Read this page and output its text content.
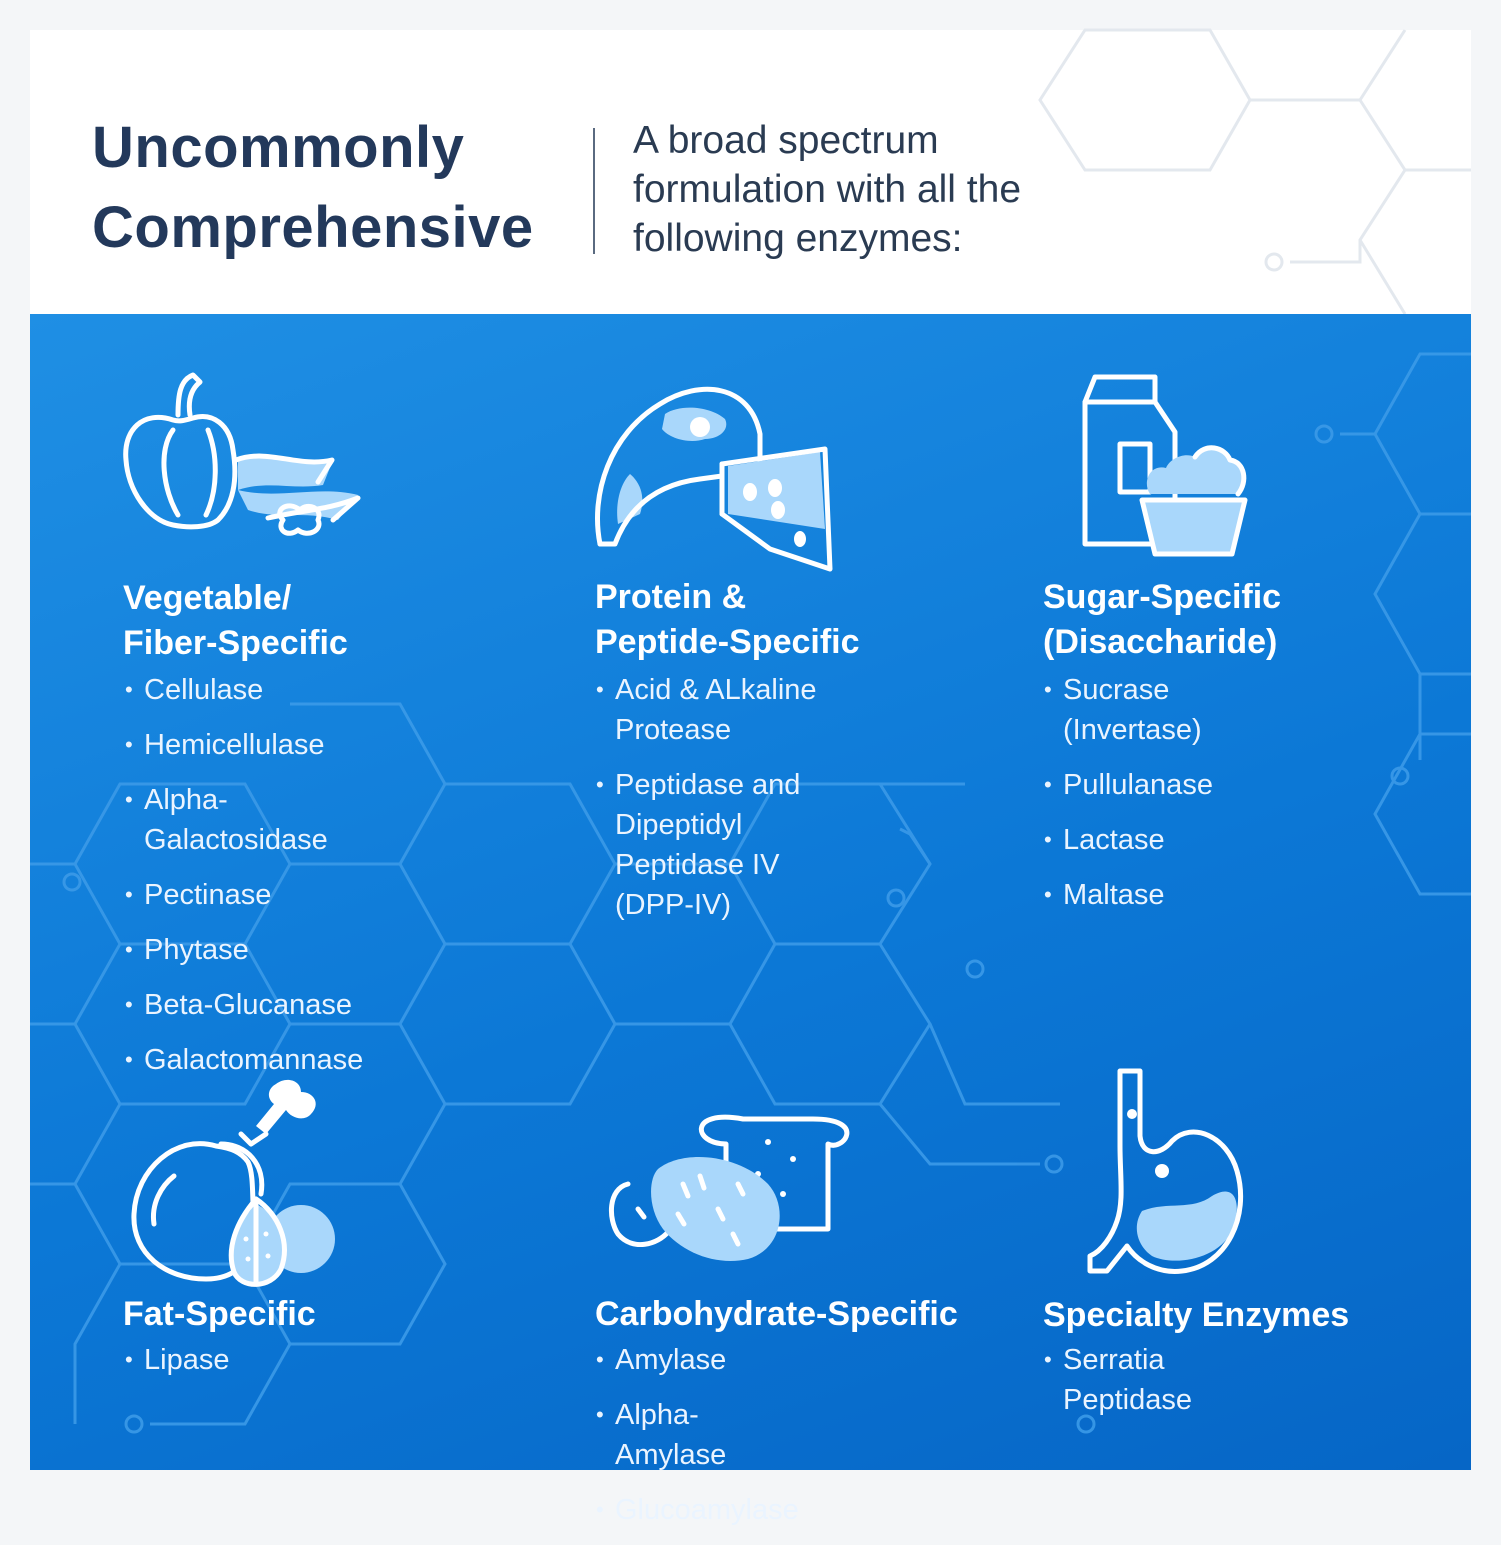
Uncommonly
Comprehensive

A broad spectrum
formulation with all the
following enzymes:

Vegetable/
Fiber-Specific
• Cellulase
• Hemicellulase
• Alpha-Galactosidase
• Pectinase
• Phytase
• Beta-Glucanase
• Galactomannase
Protein &
Peptide-Specific
• Acid & ALkaline Protease
• Peptidase and Dipeptidyl Peptidase IV (DPP-IV)
Sugar-Specific
(Disaccharide)
• Sucrase (Invertase)
• Pullulanase
• Lactase
• Maltase
Fat-Specific
• Lipase
Carbohydrate-Specific
• Amylase
• Alpha-Amylase
• Glucoamylase
Specialty Enzymes
• Serratia Peptidase
